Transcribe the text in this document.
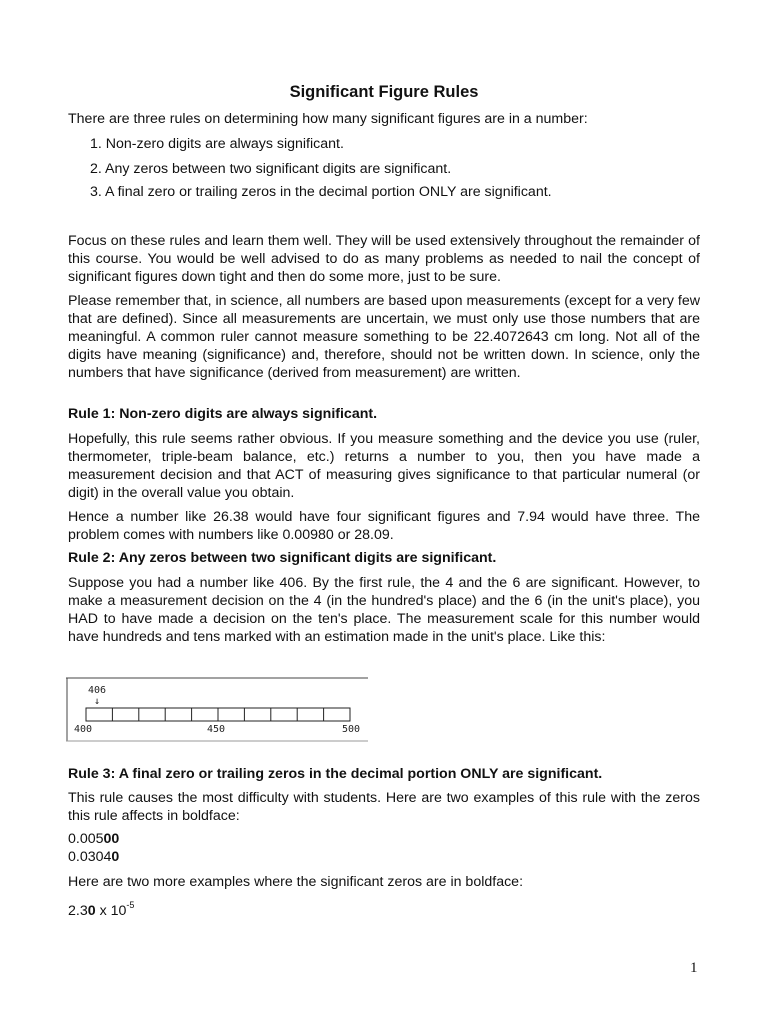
Significant Figure Rules
There are three rules on determining how many significant figures are in a number:
1. Non-zero digits are always significant.
2. Any zeros between two significant digits are significant.
3. A final zero or trailing zeros in the decimal portion ONLY are significant.
Focus on these rules and learn them well. They will be used extensively throughout the remainder of this course. You would be well advised to do as many problems as needed to nail the concept of significant figures down tight and then do some more, just to be sure.
Please remember that, in science, all numbers are based upon measurements (except for a very few that are defined). Since all measurements are uncertain, we must only use those numbers that are meaningful. A common ruler cannot measure something to be 22.4072643 cm long. Not all of the digits have meaning (significance) and, therefore, should not be written down. In science, only the numbers that have significance (derived from measurement) are written.
Rule 1: Non-zero digits are always significant.
Hopefully, this rule seems rather obvious. If you measure something and the device you use (ruler, thermometer, triple-beam balance, etc.) returns a number to you, then you have made a measurement decision and that ACT of measuring gives significance to that particular numeral (or digit) in the overall value you obtain.
Hence a number like 26.38 would have four significant figures and 7.94 would have three. The problem comes with numbers like 0.00980 or 28.09.
Rule 2: Any zeros between two significant digits are significant.
Suppose you had a number like 406. By the first rule, the 4 and the 6 are significant. However, to make a measurement decision on the 4 (in the hundred's place) and the 6 (in the unit's place), you HAD to have made a decision on the ten's place. The measurement scale for this number would have hundreds and tens marked with an estimation made in the unit's place. Like this:
406
↓
400	450	500
Rule 3: A final zero or trailing zeros in the decimal portion ONLY are significant.
This rule causes the most difficulty with students. Here are two examples of this rule with the zeros this rule affects in boldface:
0.00500
0.03040
Here are two more examples where the significant zeros are in boldface:
2.30 x $10^{-5}$
1
